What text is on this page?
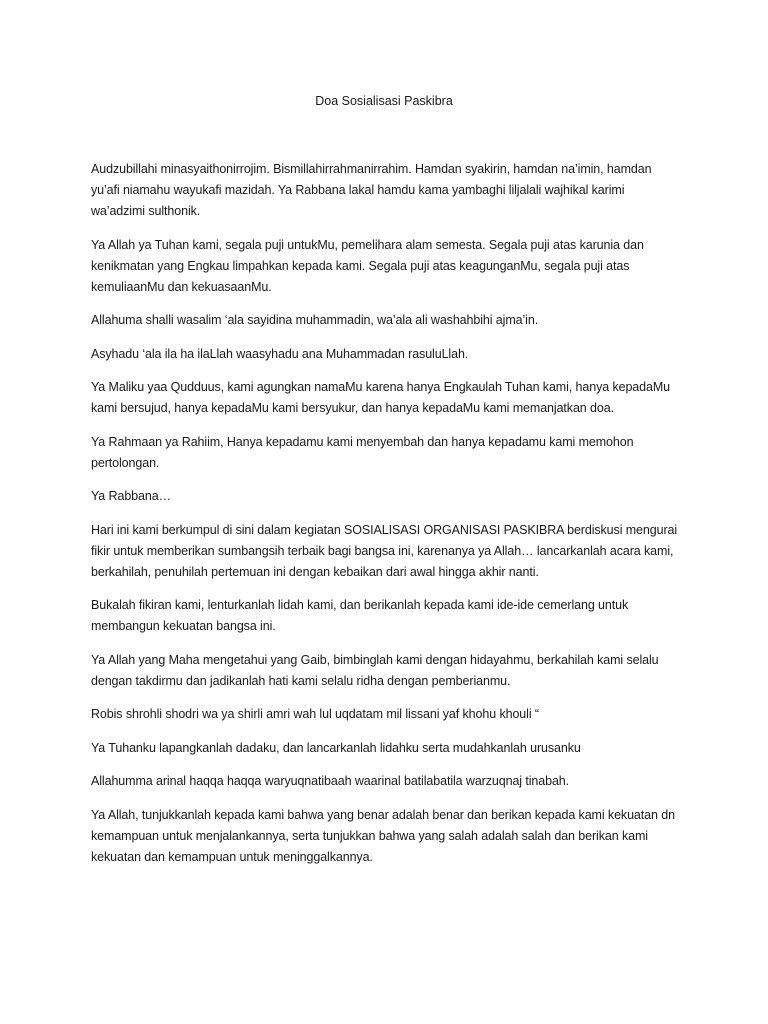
Doa Sosialisasi Paskibra

Audzubillahi minasyaithonirrojim. Bismillahirrahmanirrahim. Hamdan syakirin, hamdan na’imin, hamdan yu’afi niamahu wayukafi mazidah. Ya Rabbana lakal hamdu kama yambaghi liljalali wajhikal karimi wa’adzimi sulthonik.

Ya Allah ya Tuhan kami, segala puji untukMu, pemelihara alam semesta. Segala puji atas karunia dan kenikmatan yang Engkau limpahkan kepada kami. Segala puji atas keagunganMu, segala puji atas kemuliaanMu dan kekuasaanMu.

Allahuma shalli wasalim ‘ala sayidina muhammadin, wa’ala ali washahbihi ajma’in.

Asyhadu ‘ala ila ha ilaLlah waasyhadu ana Muhammadan rasuluLlah.

Ya Maliku yaa Qudduus, kami agungkan namaMu karena hanya Engkaulah Tuhan kami, hanya kepadaMu kami bersujud, hanya kepadaMu kami bersyukur, dan hanya kepadaMu kami memanjatkan doa.

Ya Rahmaan ya Rahiim, Hanya kepadamu kami menyembah dan hanya kepadamu kami memohon pertolongan.

Ya Rabbana…

Hari ini kami berkumpul di sini dalam kegiatan SOSIALISASI ORGANISASI PASKIBRA berdiskusi mengurai fikir untuk memberikan sumbangsih terbaik bagi bangsa ini, karenanya ya Allah… lancarkanlah acara kami, berkahilah, penuhilah pertemuan ini dengan kebaikan dari awal hingga akhir nanti.

Bukalah fikiran kami, lenturkanlah lidah kami, dan berikanlah kepada kami ide-ide cemerlang untuk membangun kekuatan bangsa ini.

Ya Allah yang Maha mengetahui yang Gaib, bimbinglah kami dengan hidayahmu, berkahilah kami selalu dengan takdirmu dan jadikanlah hati kami selalu ridha dengan pemberianmu.

Robis shrohli shodri wa ya shirli amri wah lul uqdatam mil lissani yaf khohu khouli “

Ya Tuhanku lapangkanlah dadaku, dan lancarkanlah lidahku serta mudahkanlah urusanku

Allahumma arinal haqqa haqqa waryuqnatibaah waarinal batilabatila warzuqnaj tinabah.

Ya Allah, tunjukkanlah kepada kami bahwa yang benar adalah benar dan berikan kepada kami kekuatan dn kemampuan untuk menjalankannya, serta tunjukkan bahwa yang salah adalah salah dan berikan kami kekuatan dan kemampuan untuk meninggalkannya.
